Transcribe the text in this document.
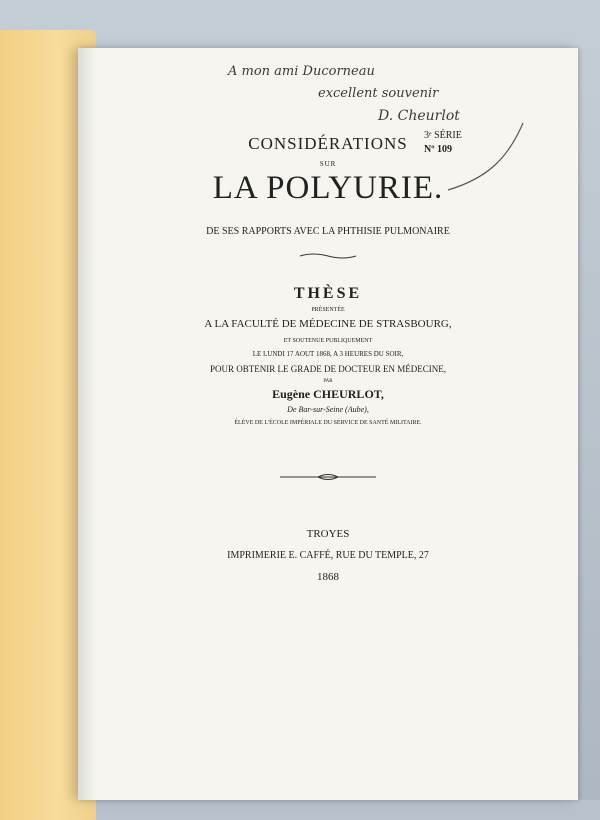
A mon ami Ducorneau
excellent souvenir
D. Cheurlot
3ᵉ SÉRIE
Nº 109
CONSIDÉRATIONS
SUR
LA POLYURIE.
DE SES RAPPORTS AVEC LA PHTHISIE PULMONAIRE
THÈSE
PRÉSENTÉE
A LA FACULTÉ DE MÉDECINE DE STRASBOURG,
ET SOUTENUE PUBLIQUEMENT
LE LUNDI 17 AOUT 1868, A 3 HEURES DU SOIR,
POUR OBTENIR LE GRADE DE DOCTEUR EN MÉDECINE,
PAR
Eugène CHEURLOT,
De Bar-sur-Seine (Aube),
ÉLÈVE DE L'ÉCOLE IMPÉRIALE DU SERVICE DE SANTÉ MILITAIRE.
TROYES
IMPRIMERIE E. CAFFÉ, RUE DU TEMPLE, 27
1868
